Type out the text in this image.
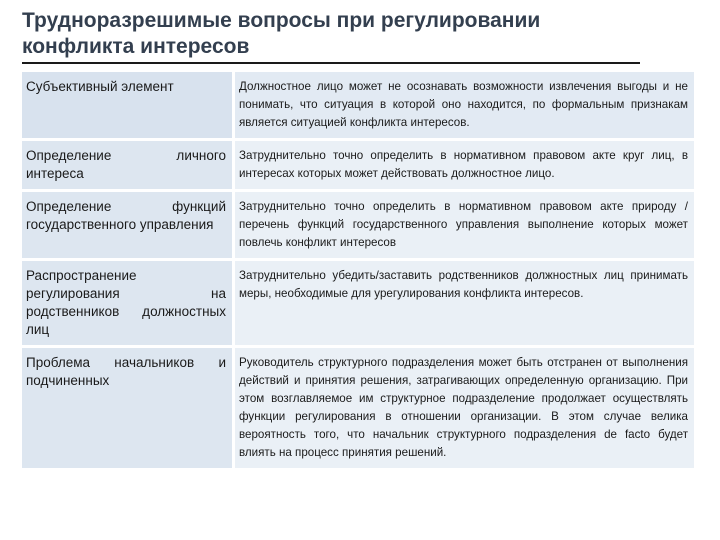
Трудноразрешимые вопросы при регулировании
конфликта интересов
Субъективный элемент	Должностное лицо может не осознавать возможности извлечения выгоды и не понимать, что ситуация в которой оно находится, по формальным признакам является ситуацией конфликта интересов.
Определение личного интереса	Затруднительно точно определить в нормативном правовом акте круг лиц, в интересах которых может действовать должностное лицо.
Определение функций государственного управления	Затруднительно точно определить в нормативном правовом акте природу / перечень функций государственного управления выполнение которых может повлечь конфликт интересов
Распространение регулирования на родственников должностных лиц	Затруднительно убедить/заставить родственников должностных лиц принимать меры, необходимые для урегулирования конфликта интересов.
Проблема начальников и подчиненных	Руководитель структурного подразделения может быть отстранен от выполнения действий и принятия решения, затрагивающих определенную организацию. При этом возглавляемое им структурное подразделение продолжает осуществлять функции регулирования в отношении организации. В этом случае велика вероятность того, что начальник структурного подразделения de facto будет влиять на процесс принятия решений.
